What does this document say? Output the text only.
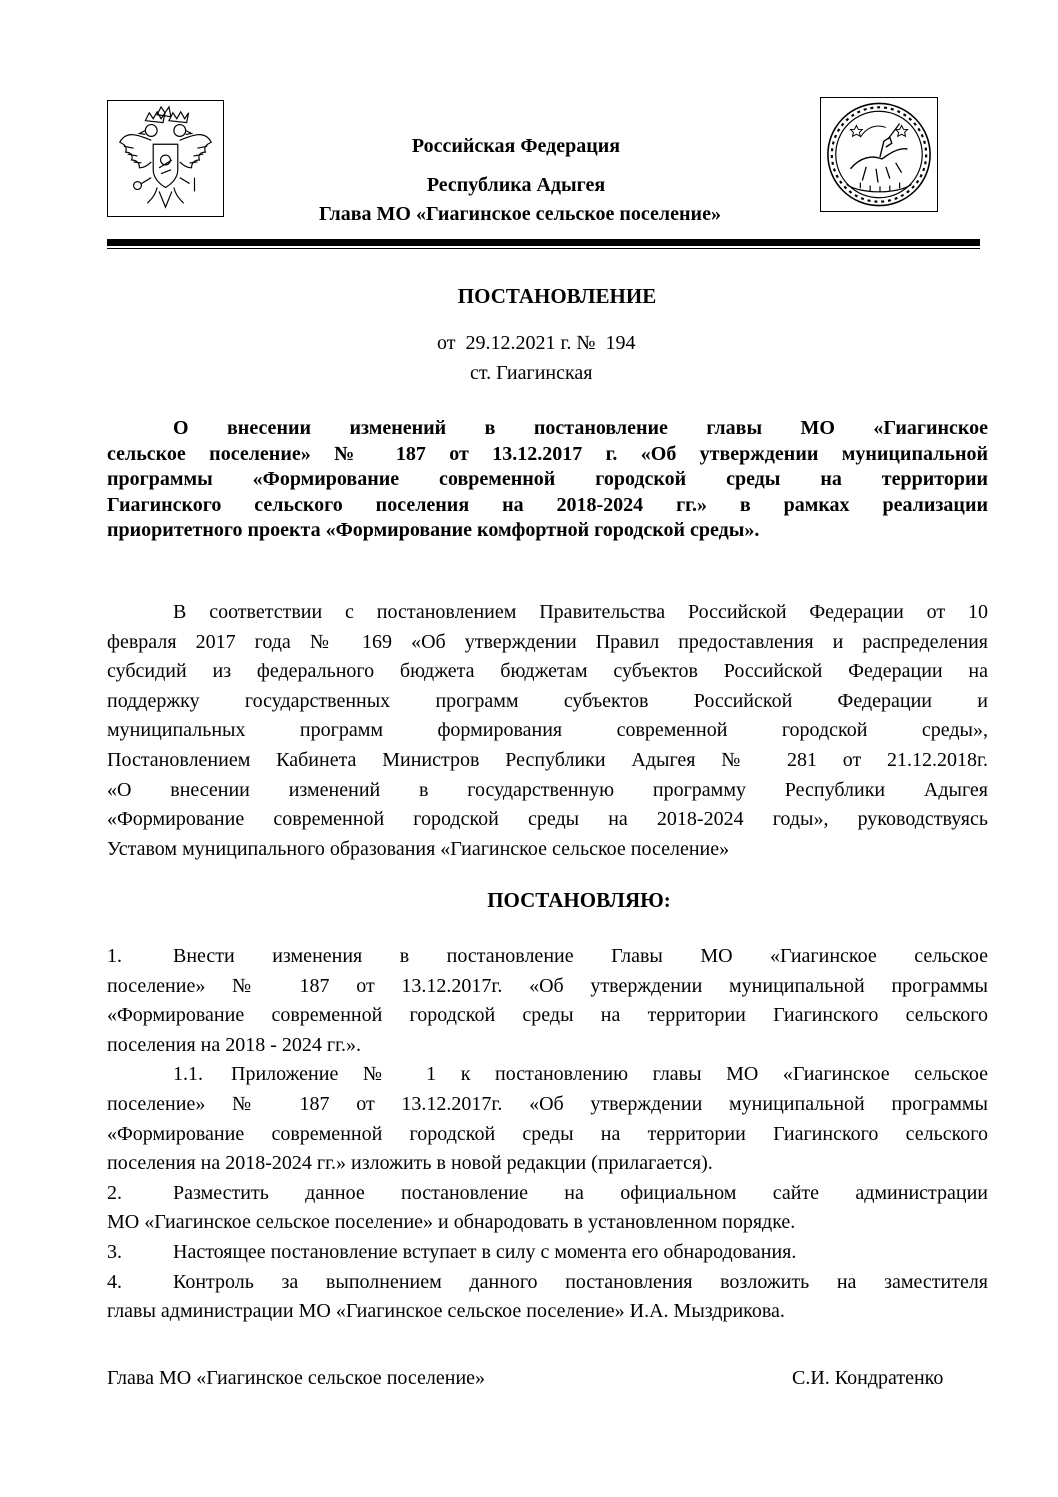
Российская Федерация
Республика Адыгея
Глава МО «Гиагинское сельское поселение»
ПОСТАНОВЛЕНИЕ
от  29.12.2021 г. №  194
ст. Гиагинская
О внесении изменений в постановление главы МО «Гиагинское
сельское поселение» № 187 от 13.12.2017 г. «Об утверждении муниципальной
программы «Формирование современной городской среды на территории
Гиагинского сельского поселения на 2018-2024 гг.» в рамках реализации
приоритетного проекта «Формирование комфортной городской среды».
В соответствии с постановлением Правительства Российской Федерации от 10
февраля 2017 года № 169 «Об утверждении Правил предоставления и распределения
субсидий из федерального бюджета бюджетам субъектов Российской Федерации на
поддержку государственных программ субъектов Российской Федерации и
муниципальных программ формирования современной городской среды»,
Постановлением Кабинета Министров Республики Адыгея № 281 от 21.12.2018г.
«О внесении изменений в государственную программу Республики Адыгея
«Формирование современной городской среды на 2018-2024 годы», руководствуясь
Уставом муниципального образования «Гиагинское сельское поселение»
ПОСТАНОВЛЯЮ:
1.	Внести изменения в постановление Главы МО «Гиагинское сельское
поселение» № 187 от 13.12.2017г. «Об утверждении муниципальной программы
«Формирование современной городской среды на территории Гиагинского сельского
поселения на 2018 - 2024 гг.».
1.1. Приложение № 1 к постановлению главы МО «Гиагинское сельское
поселение» № 187 от 13.12.2017г. «Об утверждении муниципальной программы
«Формирование современной городской среды на территории Гиагинского сельского
поселения на 2018-2024 гг.» изложить в новой редакции (прилагается).
2.	Разместить данное постановление на официальном сайте администрации
МО «Гиагинское сельское поселение» и обнародовать в установленном порядке.
3.	Настоящее постановление вступает в силу с момента его обнародования.
4.	Контроль за выполнением данного постановления возложить на заместителя
главы администрации МО «Гиагинское сельское поселение» И.А. Мыздрикова.
Глава МО «Гиагинское сельское поселение»	С.И. Кондратенко
